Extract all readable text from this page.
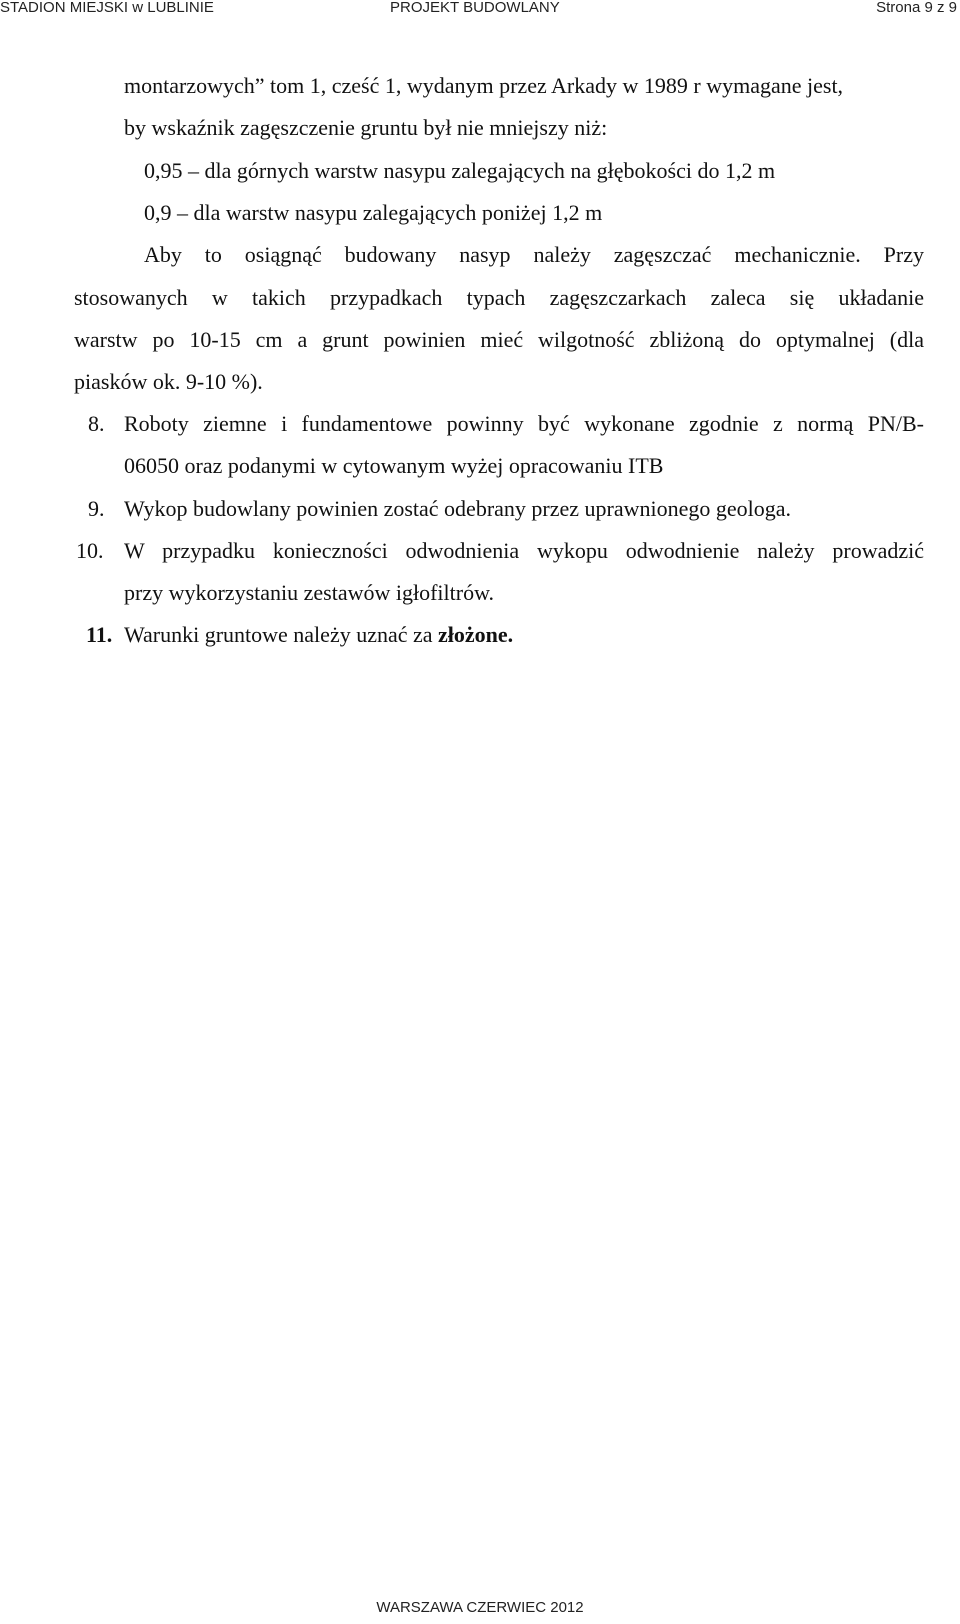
STADION MIEJSKI w LUBLINIE	PROJEKT BUDOWLANY	Strona 9 z 9
montarzowych” tom 1, cześć 1, wydanym przez Arkady w 1989 r wymagane jest,
by wskaźnik zagęszczenie gruntu był nie mniejszy niż:
0,95 – dla górnych warstw nasypu zalegających na głębokości do 1,2 m
0,9 – dla warstw nasypu zalegających poniżej 1,2 m
Aby to osiągnąć budowany nasyp należy zagęszczać mechanicznie. Przy
stosowanych w takich przypadkach typach zagęszczarkach zaleca się układanie
warstw po 10-15 cm a grunt powinien mieć wilgotność zbliżoną do optymalnej (dla
piasków ok. 9-10 %).
8. Roboty ziemne i fundamentowe powinny być wykonane zgodnie z normą PN/B-
06050 oraz podanymi w cytowanym wyżej opracowaniu ITB
9. Wykop budowlany powinien zostać odebrany przez uprawnionego geologa.
10. W przypadku konieczności odwodnienia wykopu odwodnienie należy prowadzić
przy wykorzystaniu zestawów igłofiltrów.
11. Warunki gruntowe należy uznać za złożone.
WARSZAWA CZERWIEC 2012
